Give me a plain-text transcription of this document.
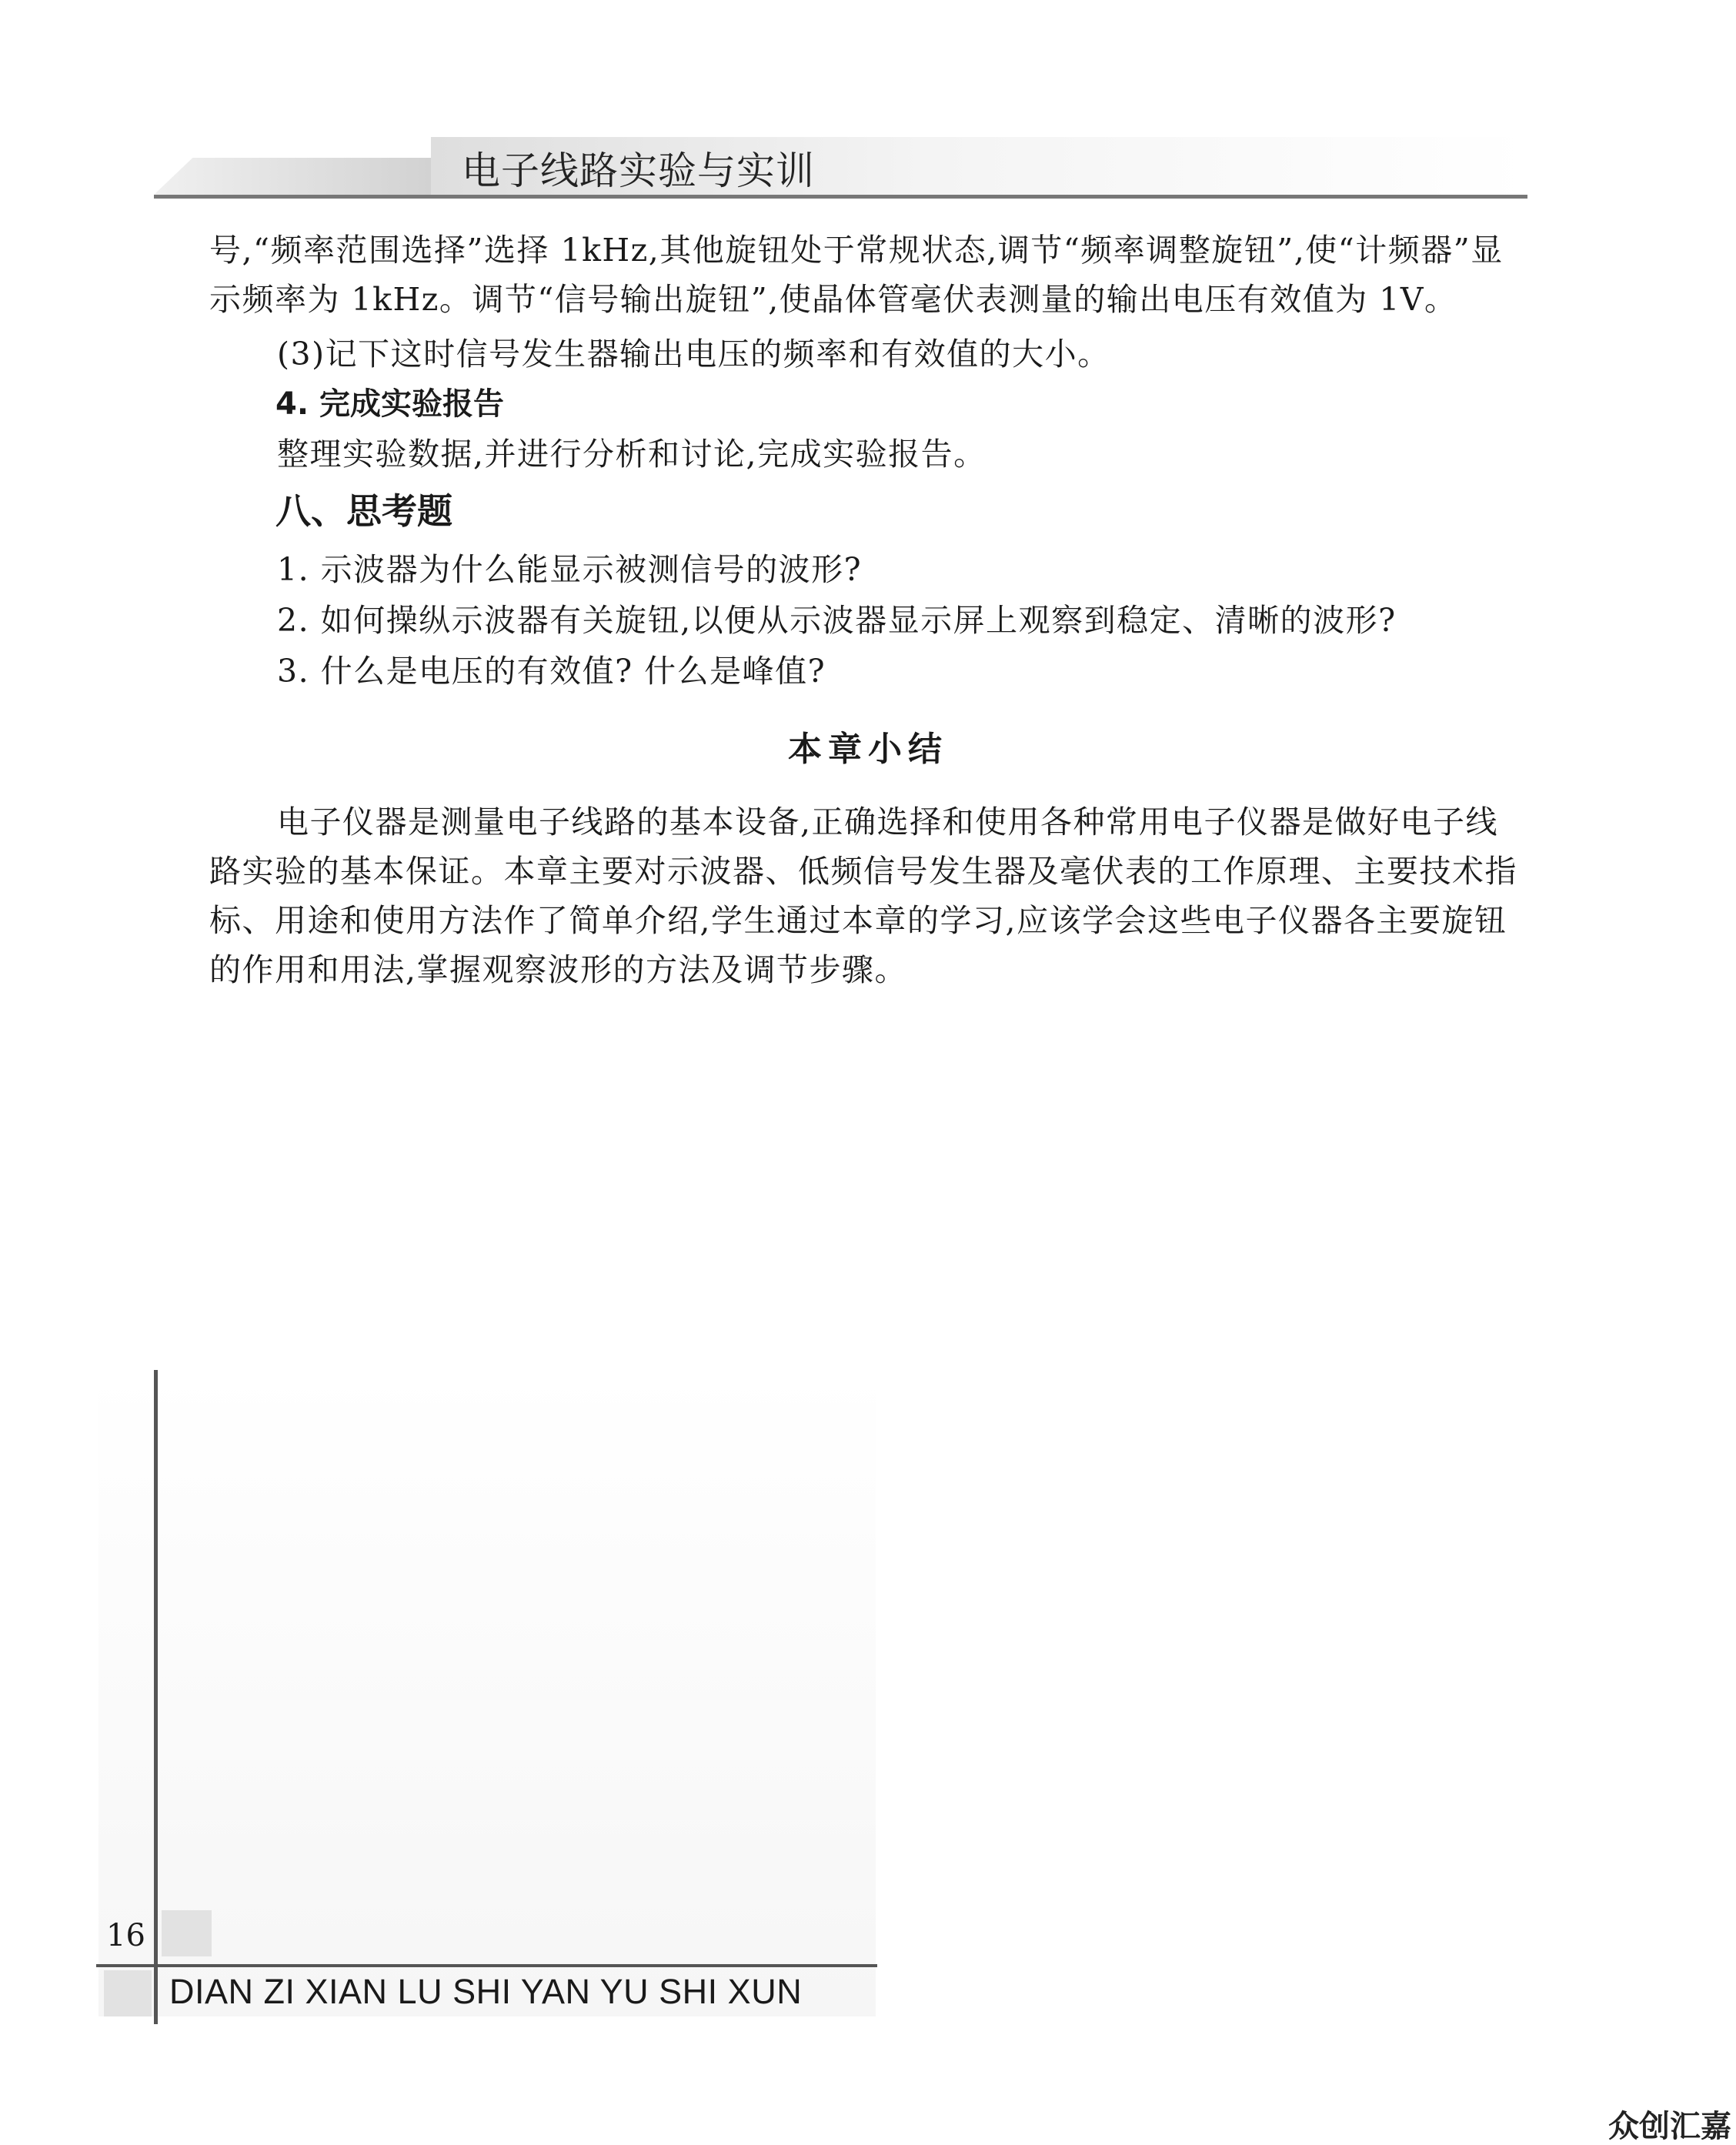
电子线路实验与实训

号,“频率范围选择”选择 1kHz,其他旋钮处于常规状态,调节“频率调整旋钮”,使“计频器”显示频率为 1kHz。调节“信号输出旋钮”,使晶体管毫伏表测量的输出电压有效值为 1V。

(3)记下这时信号发生器输出电压的频率和有效值的大小。
4. 完成实验报告
整理实验数据,并进行分析和讨论,完成实验报告。
八、思考题
1. 示波器为什么能显示被测信号的波形?
2. 如何操纵示波器有关旋钮,以便从示波器显示屏上观察到稳定、清晰的波形?
3. 什么是电压的有效值? 什么是峰值?
本章小结

电子仪器是测量电子线路的基本设备,正确选择和使用各种常用电子仪器是做好电子线路实验的基本保证。本章主要对示波器、低频信号发生器及毫伏表的工作原理、主要技术指标、用途和使用方法作了简单介绍,学生通过本章的学习,应该学会这些电子仪器各主要旋钮的作用和用法,掌握观察波形的方法及调节步骤。

16
DIAN ZI XIAN LU SHI YAN YU SHI XUN
众创汇嘉
